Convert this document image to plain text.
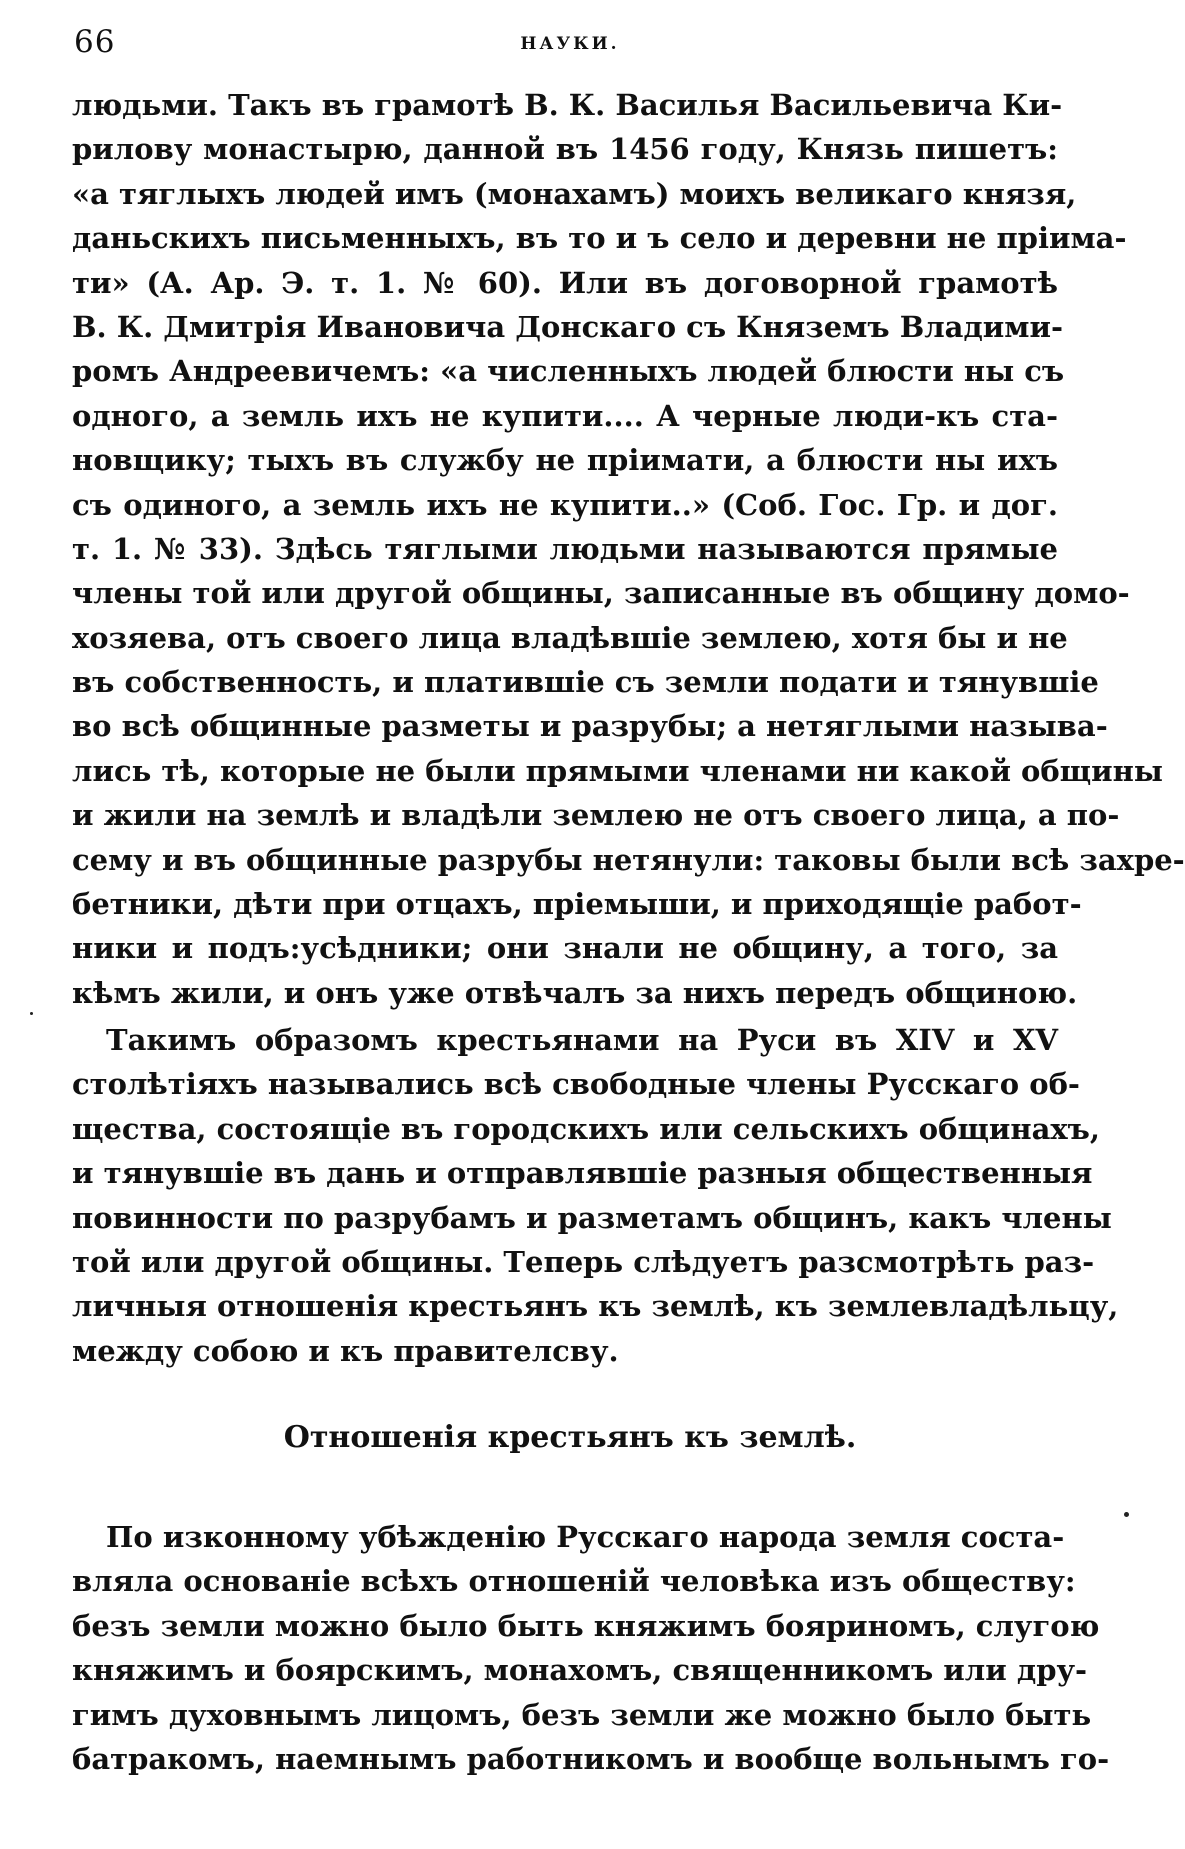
66	НАУКИ.
людьми. Такъ въ грамотѣ В. К. Василья Васильевича Ки-
рилову монастырю, данной въ 1456 году, Князь пишетъ:
«а тяглыхъ людей имъ (монахамъ) моихъ великаго князя,
даньскихъ письменныхъ, въ то и ъ село и деревни не прiима-
ти» (А. Ар. Э. т. 1. № 60). Или въ договорной грамотѣ
В. К. Дмитрiя Ивановича Донскаго съ Княземъ Владими-
ромъ Андреевичемъ: «а численныхъ людей блюсти ны съ
одного, а земль ихъ не купити.... А черные люди-къ ста-
новщику; тыхъ въ службу не прiимати, а блюсти ны ихъ
съ одиного, а земль ихъ не купити..» (Соб. Гос. Гр. и дог.
т. 1. № 33). Здѣсь тяглыми людьми называются прямые
члены той или другой общины, записанные въ общину домо-
хозяева, отъ своего лица владѣвшiе землею, хотя бы и не
въ собственность, и платившiе съ земли подати и тянувшiе
во всѣ общинные разметы и разрубы; а нетяглыми называ-
лись тѣ, которые не были прямыми членами ни какой общины
и жили на землѣ и владѣли землею не отъ своего лица, а по-
сему и въ общинные разрубы нетянули: таковы были всѣ захре-
бетники, дѣти при отцахъ, прiемыши, и приходящiе работ-
ники и подъ:усѣдники; они знали не общину, а того, за
кѣмъ жили, и онъ уже отвѣчалъ за нихъ передъ общиною.
Такимъ образомъ крестьянами на Руси въ XIV и XV
столѣтiяхъ назывались всѣ свободные члены Русскаго об-
щества, состоящiе въ городскихъ или сельскихъ общинахъ,
и тянувшiе въ дань и отправлявшiе разныя общественныя
повинности по разрубамъ и разметамъ общинъ, какъ члены
той или другой общины. Теперь слѣдуетъ разсмотрѣть раз-
личныя отношенiя крестьянъ къ землѣ, къ землевладѣльцу,
между собою и къ правителсву.
Отношенiя крестьянъ къ землѣ.
По изконному убѣжденiю Русскаго народа земля соста-
вляла основанiе всѣхъ отношенiй человѣка изъ обществу:
безъ земли можно было быть княжимъ бояриномъ, слугою
княжимъ и боярскимъ, монахомъ, священникомъ или дру-
гимъ духовнымъ лицомъ, безъ земли же можно было быть
батракомъ, наемнымъ работникомъ и вообще вольнымъ го-
